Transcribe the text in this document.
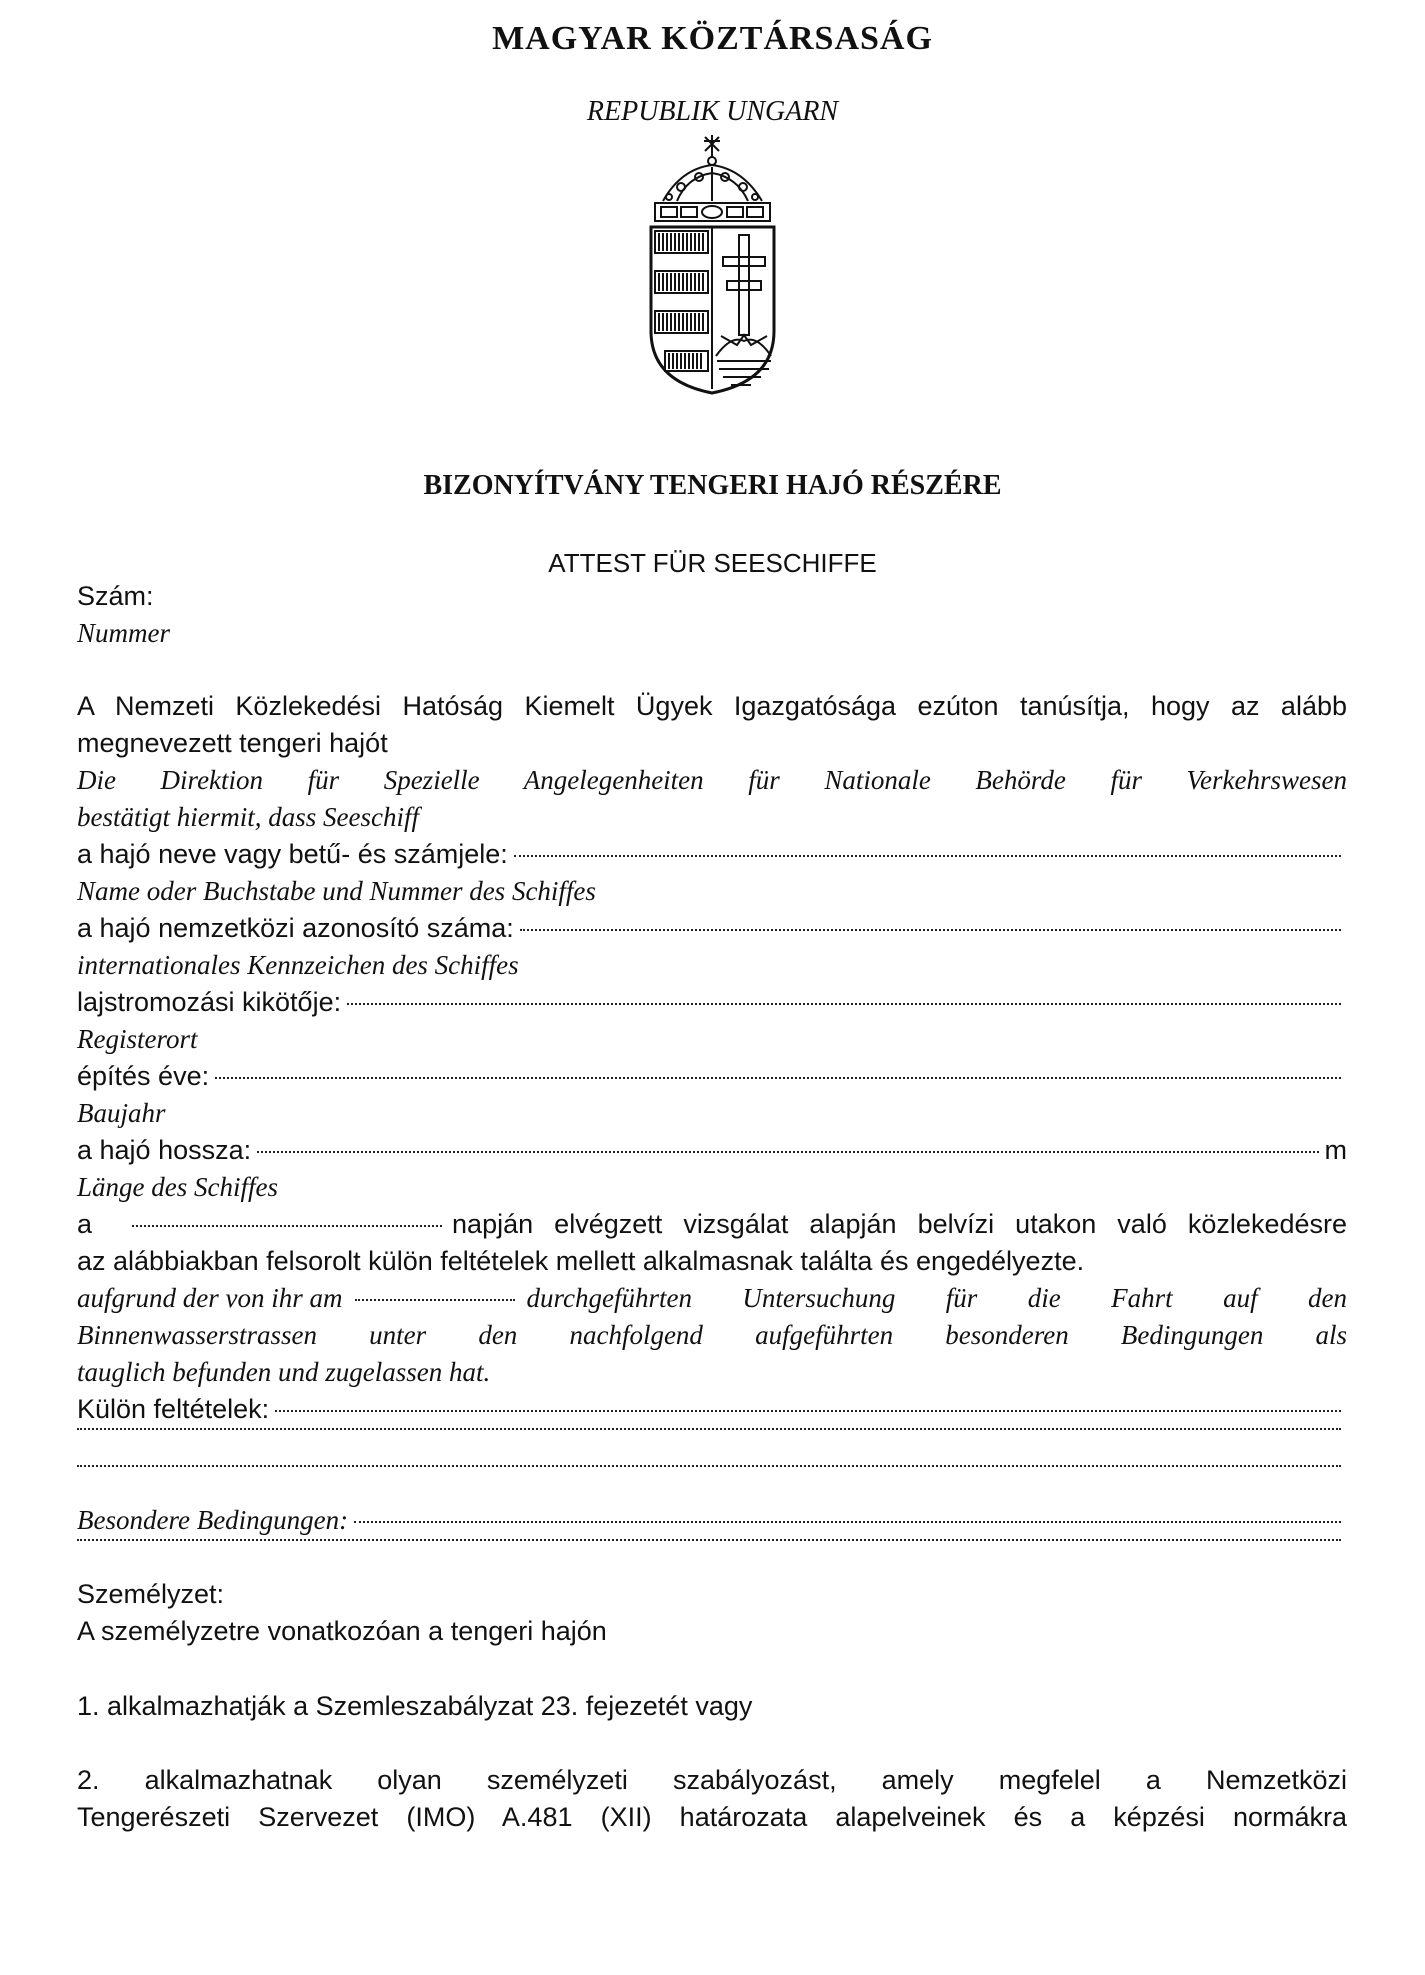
MAGYAR KÖZTÁRSASÁG
REPUBLIK UNGARN
BIZONYÍTVÁNY TENGERI HAJÓ RÉSZÉRE
ATTEST FÜR SEESCHIFFE
Szám:
Nummer
A Nemzeti Közlekedési Hatóság Kiemelt Ügyek Igazgatósága ezúton tanúsítja, hogy az alább
megnevezett tengeri hajót
Die Direktion für Spezielle Angelegenheiten für Nationale Behörde für Verkehrswesen
bestätigt hiermit, dass Seeschiff
a hajó neve vagy betű- és számjele:
Name oder Buchstabe und Nummer des Schiffes
a hajó nemzetközi azonosító száma:
internationales Kennzeichen des Schiffes
lajstromozási kikötője:
Registerort
építés éve:
Baujahr
a hajó hossza:	m
Länge des Schiffes
a	napján elvégzett vizsgálat alapján belvízi utakon való közlekedésre
az alábbiakban felsorolt külön feltételek mellett alkalmasnak találta és engedélyezte.
aufgrund der von ihr am	durchgeführten Untersuchung für die Fahrt auf den
Binnenwasserstrassen unter den nachfolgend aufgeführten besonderen Bedingungen als
tauglich befunden und zugelassen hat.
Külön feltételek:
Besondere Bedingungen:
Személyzet:
A személyzetre vonatkozóan a tengeri hajón
1. alkalmazhatják a Szemleszabályzat 23. fejezetét vagy
2. alkalmazhatnak olyan személyzeti szabályozást, amely megfelel a Nemzetközi
Tengerészeti Szervezet (IMO) A.481 (XII) határozata alapelveinek és a képzési normákra
